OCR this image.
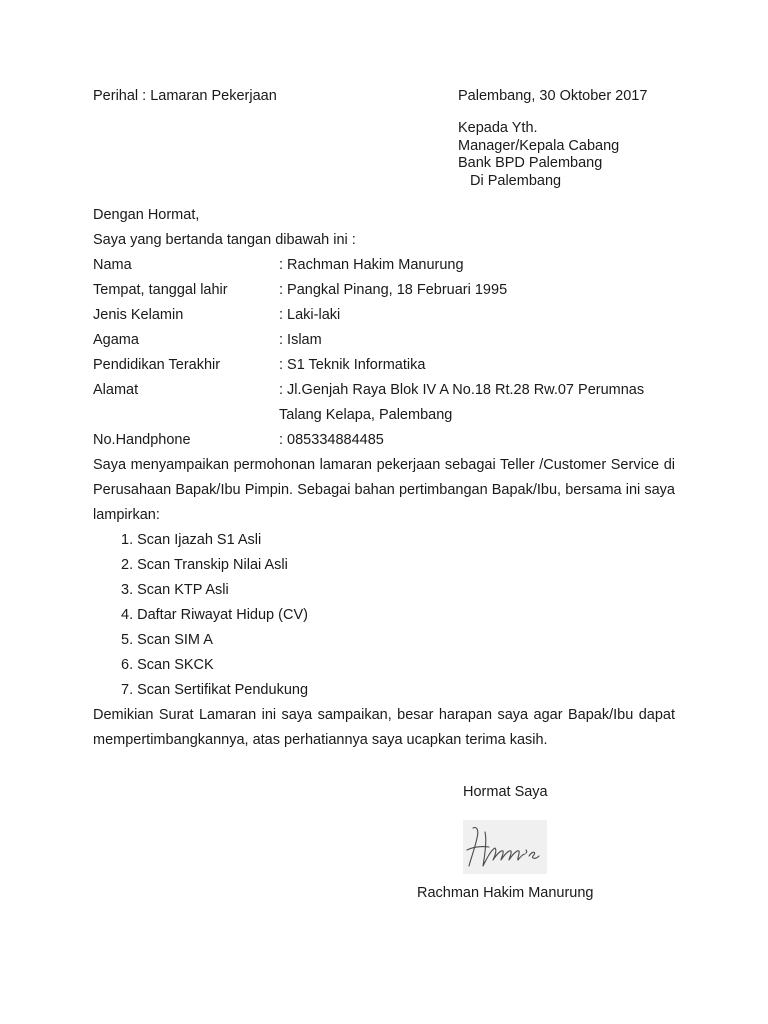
Perihal : Lamaran Pekerjaan	Palembang, 30 Oktober 2017
Kepada Yth.
Manager/Kepala Cabang
Bank BPD Palembang
Di Palembang
Dengan Hormat,
Saya yang bertanda tangan dibawah ini :
Nama	: Rachman Hakim Manurung
Tempat, tanggal lahir	: Pangkal Pinang, 18 Februari 1995
Jenis Kelamin	: Laki-laki
Agama	: Islam
Pendidikan Terakhir	: S1 Teknik Informatika
Alamat	: Jl.Genjah Raya Blok IV A No.18 Rt.28 Rw.07 Perumnas
Talang Kelapa, Palembang
No.Handphone	: 085334884485
Saya menyampaikan permohonan lamaran pekerjaan sebagai Teller /Customer Service di Perusahaan Bapak/Ibu Pimpin. Sebagai bahan pertimbangan Bapak/Ibu, bersama ini saya lampirkan:
1. Scan Ijazah S1 Asli
2. Scan Transkip Nilai Asli
3. Scan KTP Asli
4. Daftar Riwayat Hidup (CV)
5. Scan SIM A
6. Scan SKCK
7. Scan Sertifikat Pendukung
Demikian Surat Lamaran ini saya sampaikan, besar harapan saya agar Bapak/Ibu dapat mempertimbangkannya, atas perhatiannya saya ucapkan terima kasih.
Hormat Saya
Rachman Hakim Manurung
